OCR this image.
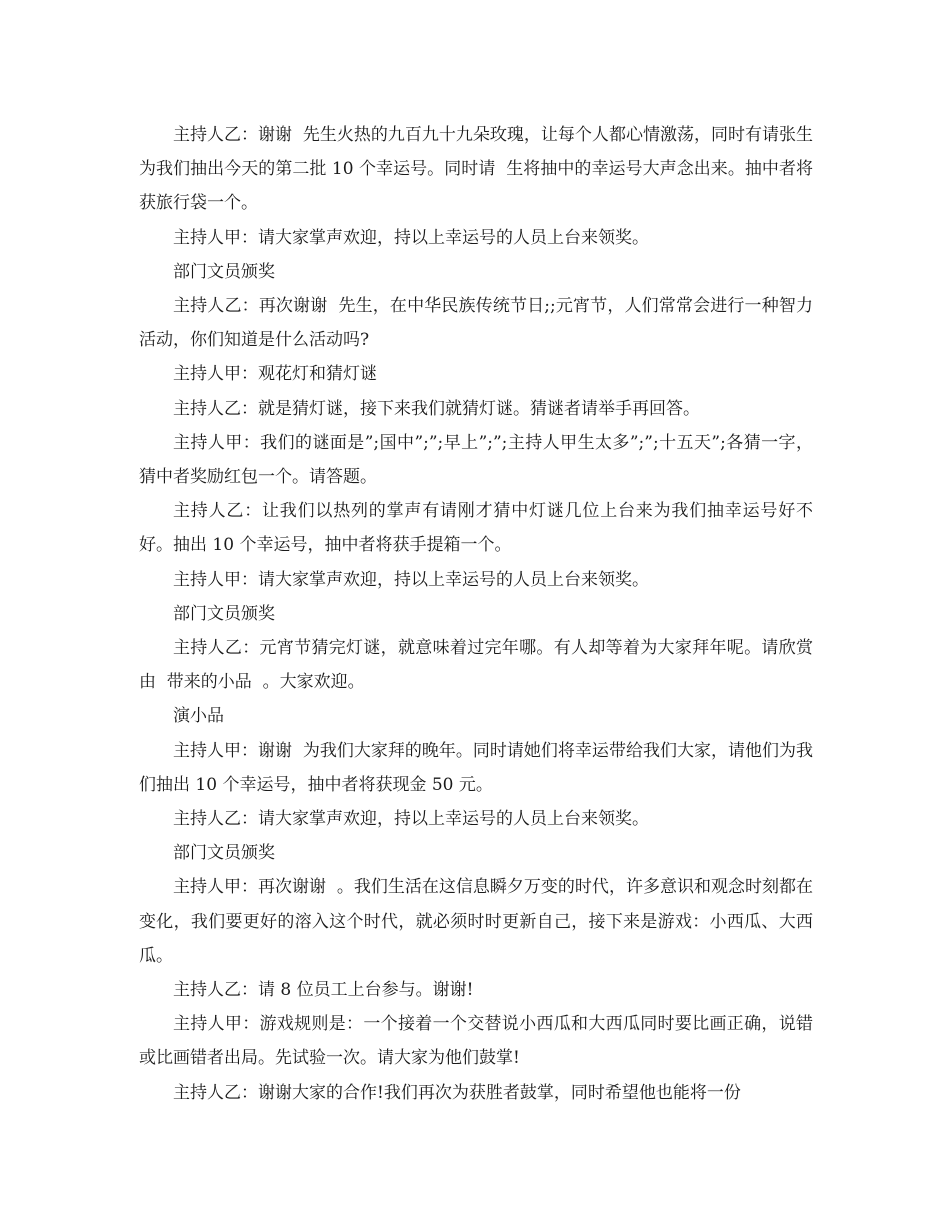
主持人乙：谢谢  先生火热的九百九十九朵玫瑰，让每个人都心情激荡，同时有请张生为我们抽出今天的第二批 10 个幸运号。同时请  生将抽中的幸运号大声念出来。抽中者将获旅行袋一个。

主持人甲：请大家掌声欢迎，持以上幸运号的人员上台来领奖。

部门文员颁奖

主持人乙：再次谢谢  先生，在中华民族传统节日;;元宵节，人们常常会进行一种智力活动，你们知道是什么活动吗?

主持人甲：观花灯和猜灯谜

主持人乙：就是猜灯谜，接下来我们就猜灯谜。猜谜者请举手再回答。

主持人甲：我们的谜面是”;国中”;”;早上”;”;主持人甲生太多”;”;十五天”;各猜一字，猜中者奖励红包一个。请答题。

主持人乙：让我们以热列的掌声有请刚才猜中灯谜几位上台来为我们抽幸运号好不好。抽出 10 个幸运号，抽中者将获手提箱一个。

主持人甲：请大家掌声欢迎，持以上幸运号的人员上台来领奖。

部门文员颁奖

主持人乙：元宵节猜完灯谜，就意味着过完年哪。有人却等着为大家拜年呢。请欣赏由  带来的小品  。大家欢迎。

演小品

主持人甲：谢谢  为我们大家拜的晚年。同时请她们将幸运带给我们大家，请他们为我们抽出 10 个幸运号，抽中者将获现金 50 元。

主持人乙：请大家掌声欢迎，持以上幸运号的人员上台来领奖。

部门文员颁奖

主持人甲：再次谢谢  。我们生活在这信息瞬夕万变的时代，许多意识和观念时刻都在变化，我们要更好的溶入这个时代，就必须时时更新自己，接下来是游戏：小西瓜、大西瓜。

主持人乙：请 8 位员工上台参与。谢谢!

主持人甲：游戏规则是：一个接着一个交替说小西瓜和大西瓜同时要比画正确，说错或比画错者出局。先试验一次。请大家为他们鼓掌!

主持人乙：谢谢大家的合作!我们再次为获胜者鼓掌，同时希望他也能将一份
